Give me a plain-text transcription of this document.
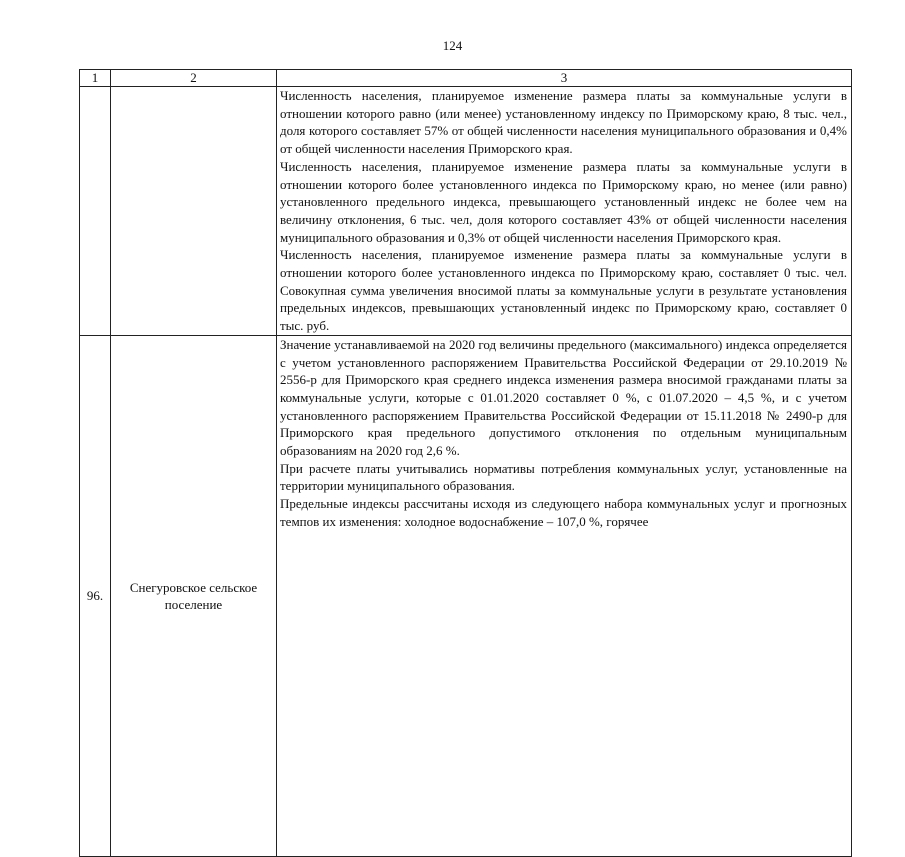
124
1	2	3

		Численность населения, планируемое изменение размера платы за коммунальные услуги в отношении которого равно (или менее) установленному индексу по Приморскому краю, 8 тыс. чел., доля которого составляет 57% от общей численности населения муниципального образования и 0,4% от общей численности населения Приморского края.

Численность населения, планируемое изменение размера платы за коммунальные услуги в отношении которого более установленного индекса по Приморскому краю, но менее (или равно) установленного предельного индекса, превышающего установленный индекс не более чем на величину отклонения, 6 тыс. чел, доля которого составляет 43% от общей численности населения муниципального образования и 0,3% от общей численности населения Приморского края.

Численность населения, планируемое изменение размера платы за коммунальные услуги в отношении которого более установленного индекса по Приморскому краю, составляет 0 тыс. чел. Совокупная сумма увеличения вносимой платы за коммунальные услуги в результате установления предельных индексов, превышающих установленный индекс по Приморскому краю, составляет 0 тыс. руб.

96.	Снегуровское сельское поселение	Значение устанавливаемой на 2020 год величины предельного (максимального) индекса определяется с учетом установленного распоряжением Правительства Российской Федерации от 29.10.2019 № 2556-р для Приморского края среднего индекса изменения размера вносимой гражданами платы за коммунальные услуги, которые с 01.01.2020 составляет 0 %, с 01.07.2020 – 4,5 %, и с учетом установленного распоряжением Правительства Российской Федерации от 15.11.2018 № 2490-р для Приморского края предельного допустимого отклонения по отдельным муниципальным образованиям на 2020 год 2,6 %.

При расчете платы учитывались нормативы потребления коммунальных услуг, установленные на территории муниципального образования.

Предельные индексы рассчитаны исходя из следующего набора коммунальных услуг и прогнозных темпов их изменения: холодное водоснабжение – 107,0 %, горячее
